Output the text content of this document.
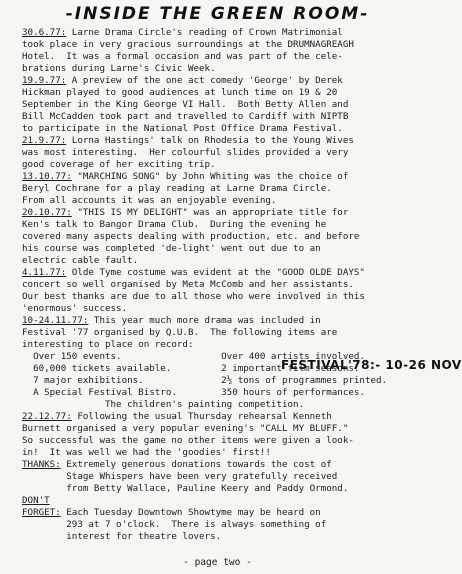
-INSIDE THE GREEN ROOM-
30.6.77: Larne Drama Circle's reading of Crown Matrimonial
took place in very gracious surroundings at the DRUMNAGREAGH
Hotel.  It was a formal occasion and was part of the cele-
brations during Larne's Civic Week.
19.9.77: A preview of the one act comedy 'George' by Derek
Hickman played to good audiences at lunch time on 19 & 20
September in the King George VI Hall.  Both Betty Allen and
Bill McCadden took part and travelled to Cardiff with NIPTB
to participate in the National Post Office Drama Festival.
21.9.77: Lorna Hastings' talk on Rhodesia to the Young Wives
was most interesting.  Her colourful slides provided a very
good coverage of her exciting trip.
13.10.77: "MARCHING SONG" by John Whiting was the choice of
Beryl Cochrane for a play reading at Larne Drama Circle.
From all accounts it was an enjoyable evening.
20.10.77: "THIS IS MY DELIGHT" was an appropriate title for
Ken's talk to Bangor Drama Club.  During the evening he
covered many aspects dealing with production, etc. and before
his course was completed 'de-light' went out due to an
electric cable fault.
4.11.77: Olde Tyme costume was evident at the "GOOD OLDE DAYS"
concert so well organised by Meta McComb and her assistants.
Our best thanks are due to all those who were involved in this
'enormous' success.
10-24.11.77: This year much more drama was included in
Festival '77 organised by Q.U.B.  The following items are
interesting to place on record:
Over 150 events.                  Over 400 artists involved.
60,000 tickets available.         2 important film seasons.
7 major exhibitions.              2½ tons of programmes printed.
A Special Festival Bistro.        350 hours of performances.
The children's painting competition.
22.12.77: Following the usual Thursday rehearsal Kenneth
Burnett organised a very popular evening's "CALL MY BLUFF."
So successful was the game no other items were given a look-
in!  It was well we had the 'goodies' first!!
THANKS: Extremely generous donations towards the cost of
Stage Whispers have been very gratefully received
from Betty Wallace, Pauline Keery and Paddy Ormond.
DON'T
FORGET: Each Tuesday Downtown Showtyme may be heard on
293 at 7 o'clock.  There is always something of
interest for theatre lovers.
FESTIVAL'78:- 10-26 NOV
- page two -
